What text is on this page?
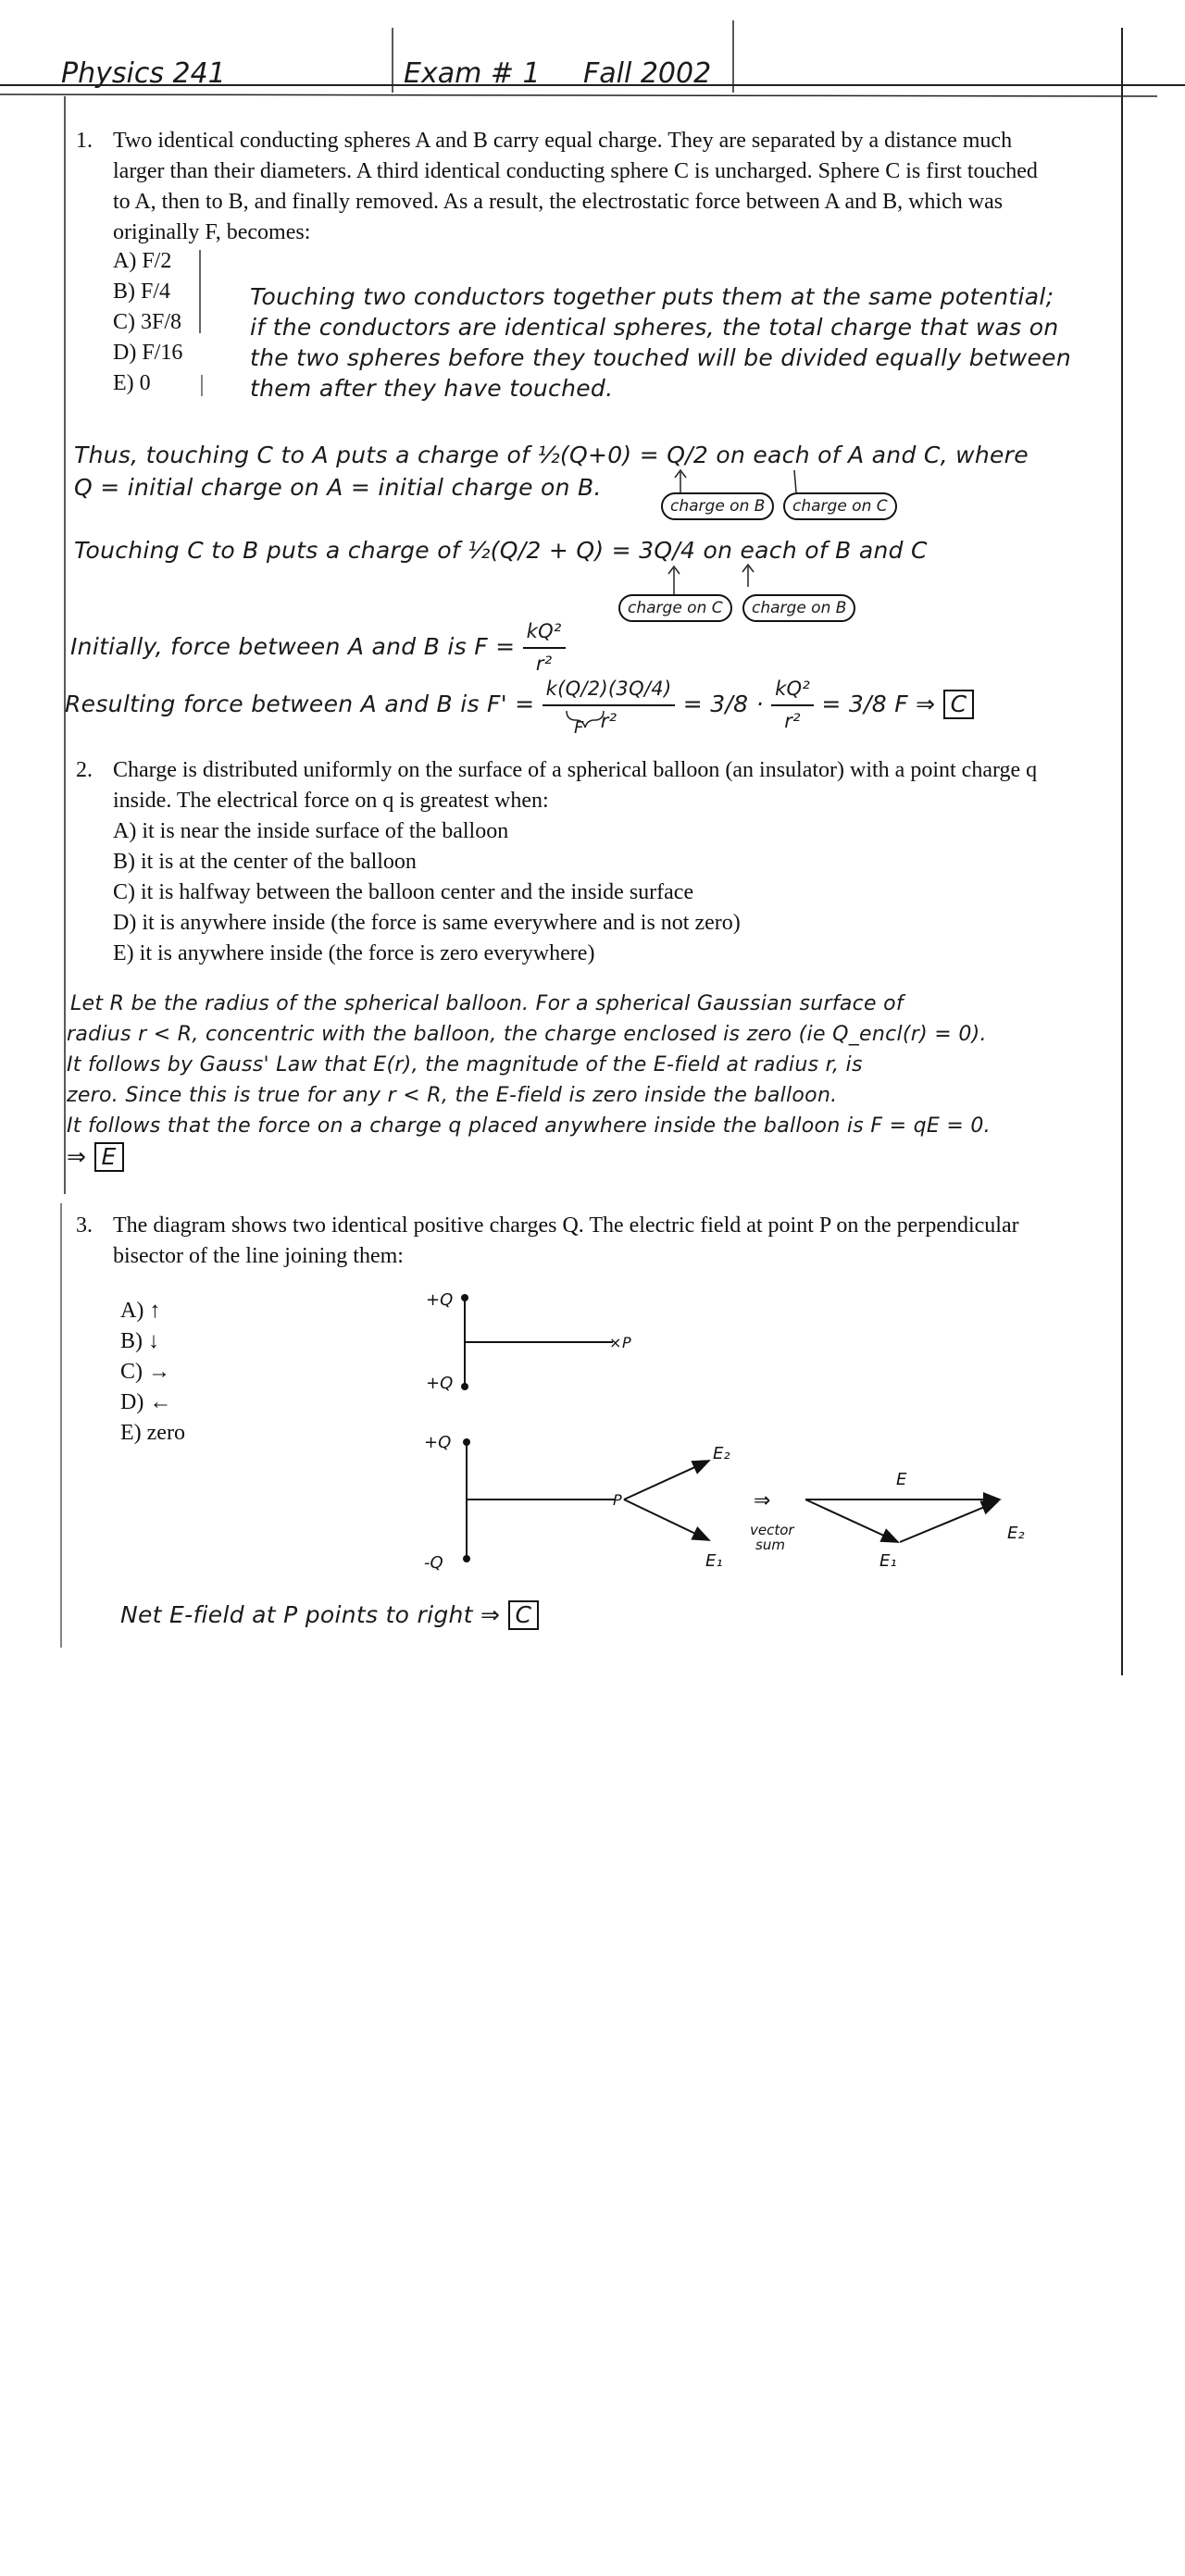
Physics 241	Exam # 1 Fall 2002
1. Two identical conducting spheres A and B carry equal charge. They are separated by a distance much larger than their diameters. A third identical conducting sphere C is uncharged. Sphere C is first touched to A, then to B, and finally removed. As a result, the electrostatic force between A and B, which was originally F, becomes:
A) F/2
B) F/4
C) 3F/8
D) F/16
E) 0
Touching two conductors together puts them at the same potential;
if the conductors are identical spheres, the total charge that was on
the two spheres before they touched will be divided equally between
them after they have touched.
Thus, touching C to A puts a charge of ½(Q+0) = Q/2 on each of A and C, where
Q = initial charge on A = initial charge on B.
charge on B	charge on C
Touching C to B puts a charge of ½(Q/2 + Q) = 3Q/4 on each of B and C
charge on C	charge on B
Initially, force between A and B is $F = \frac{\text{kQ²}}{\text{r²}}$
Resulting force between A and B is $F' = \frac{k(Q/2)(3Q/4)}{\text{r²}} = 3/8 \cdot \frac{\text{kQ²}}{\text{r²}} = 3/8$ F ⇒ C
F
2. Charge is distributed uniformly on the surface of a spherical balloon (an insulator) with a point charge q inside. The electrical force on q is greatest when:
A) it is near the inside surface of the balloon
B) it is at the center of the balloon
C) it is halfway between the balloon center and the inside surface
D) it is anywhere inside (the force is same everywhere and is not zero)
E) it is anywhere inside (the force is zero everywhere)
Let R be the radius of the spherical balloon. For a spherical Gaussian surface of
radius r < R, concentric with the balloon, the charge enclosed is zero (ie Q_encl(r) = 0).
It follows by Gauss' Law that E(r), the magnitude of the E-field at radius r, is
zero. Since this is true for any r < R, the E-field is zero inside the balloon.
It follows that the force on a charge q placed anywhere inside the balloon is F = qE = 0.
⇒ E
3. The diagram shows two identical positive charges Q. The electric field at point P on the perpendicular bisector of the line joining them:
A) ↑
B) ↓
C) →
D) ←
E) zero
+Q
+Q
× P
+Q
-Q
P
E₂
E₁
⇒
vector
sum
E
E₁
E₂
Net E-field at P points to right ⇒ C
